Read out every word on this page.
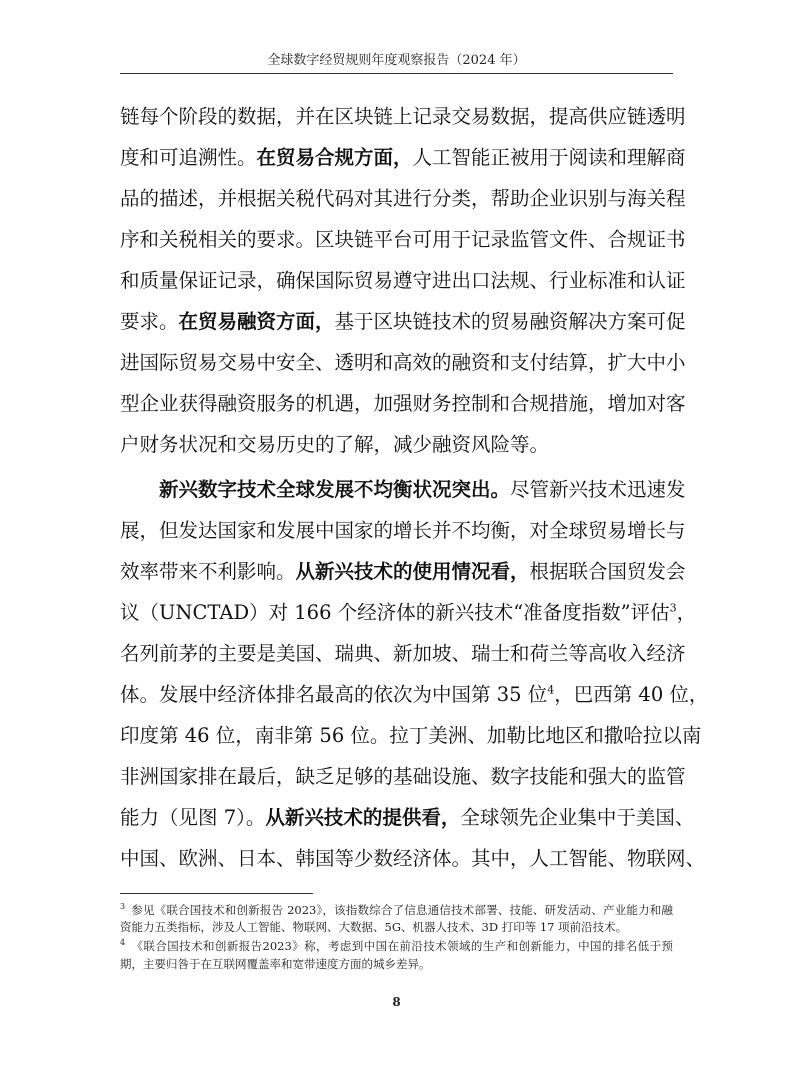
全球数字经贸规则年度观察报告（2024 年）
链每个阶段的数据，并在区块链上记录交易数据，提高供应链透明
度和可追溯性。在贸易合规方面，人工智能正被用于阅读和理解商
品的描述，并根据关税代码对其进行分类，帮助企业识别与海关程
序和关税相关的要求。区块链平台可用于记录监管文件、合规证书
和质量保证记录，确保国际贸易遵守进出口法规、行业标准和认证
要求。在贸易融资方面，基于区块链技术的贸易融资解决方案可促
进国际贸易交易中安全、透明和高效的融资和支付结算，扩大中小
型企业获得融资服务的机遇，加强财务控制和合规措施，增加对客
户财务状况和交易历史的了解，减少融资风险等。
新兴数字技术全球发展不均衡状况突出。尽管新兴技术迅速发
展，但发达国家和发展中国家的增长并不均衡，对全球贸易增长与
效率带来不利影响。从新兴技术的使用情况看，根据联合国贸发会
议（UNCTAD）对 166 个经济体的新兴技术“准备度指数”评估$^3$，
名列前茅的主要是美国、瑞典、新加坡、瑞士和荷兰等高收入经济
体。发展中经济体排名最高的依次为中国第 35 位$^4$，巴西第 40 位，
印度第 46 位，南非第 56 位。拉丁美洲、加勒比地区和撒哈拉以南
非洲国家排在最后，缺乏足够的基础设施、数字技能和强大的监管
能力（见图 7）。从新兴技术的提供看，全球领先企业集中于美国、
中国、欧洲、日本、韩国等少数经济体。其中，人工智能、物联网、
$^3$ 参见《联合国技术和创新报告 2023》，该指数综合了信息通信技术部署、技能、研发活动、产业能力和融
资能力五类指标，涉及人工智能、物联网、大数据、5G、机器人技术、3D 打印等 17 项前沿技术。
$^4$ 《联合国技术和创新报告2023》称，考虑到中国在前沿技术领域的生产和创新能力，中国的排名低于预
期，主要归咎于在互联网覆盖率和宽带速度方面的城乡差异。
8
